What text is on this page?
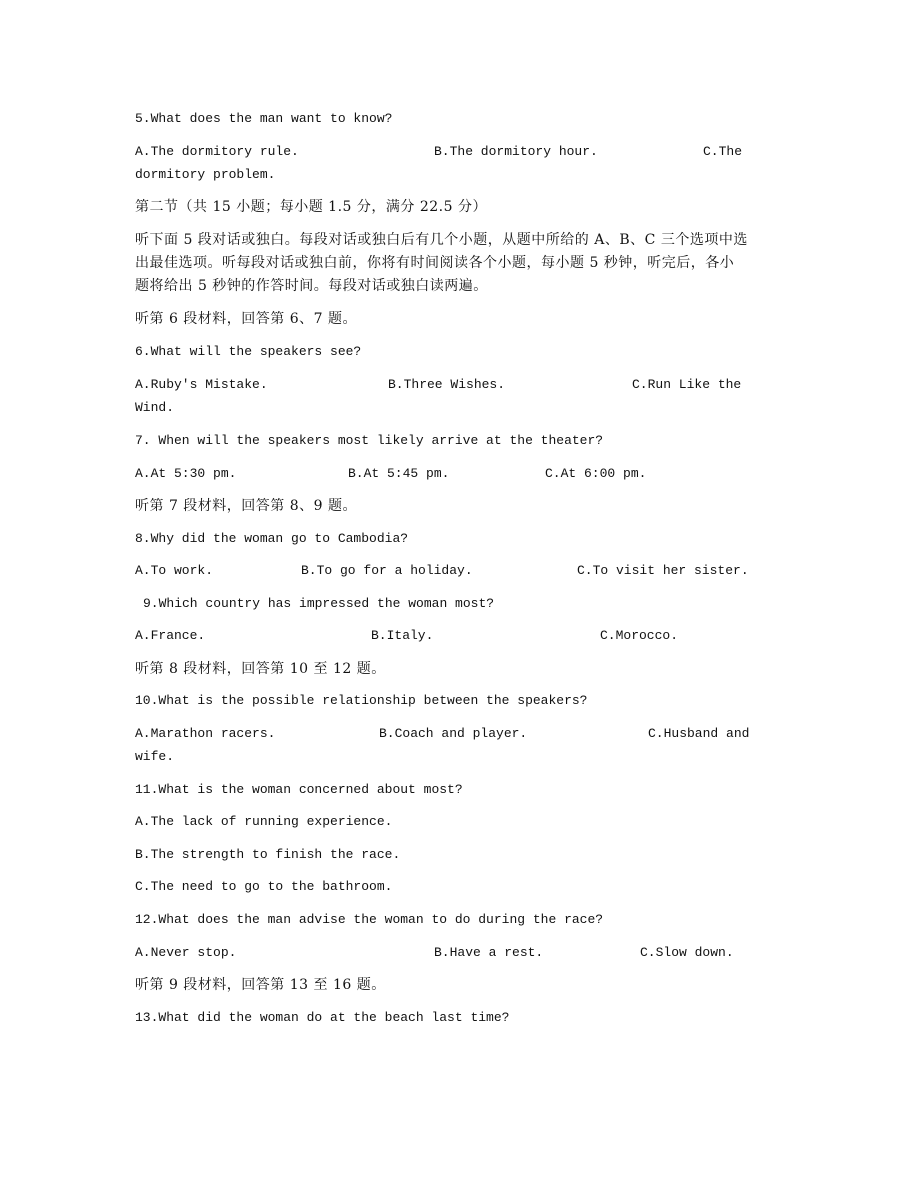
5.What does the man want to know?
A.The dormitory rule.	B.The dormitory hour.	C.The
dormitory problem.
第二节（共 15 小题；每小题 1.5 分，满分 22.5 分）
听下面 5 段对话或独白。每段对话或独白后有几个小题，从题中所给的 A、B、C 三个选项中选
出最佳选项。听每段对话或独白前，你将有时间阅读各个小题，每小题 5 秒钟，听完后，各小
题将给出 5 秒钟的作答时间。每段对话或独白读两遍。
听第 6 段材料，回答第 6、7 题。
6.What will the speakers see?
A.Ruby's Mistake.	B.Three Wishes.	C.Run Like the
Wind.
7. When will the speakers most likely arrive at the theater?
A.At 5:30 pm.	B.At 5:45 pm.	C.At 6:00 pm.
听第 7 段材料，回答第 8、9 题。
8.Why did the woman go to Cambodia?
A.To work.	B.To go for a holiday.	C.To visit her sister.
9.Which country has impressed the woman most?
A.France.	B.Italy.	C.Morocco.
听第 8 段材料，回答第 10 至 12 题。
10.What is the possible relationship between the speakers?
A.Marathon racers.	B.Coach and player.	C.Husband and
wife.
11.What is the woman concerned about most?
A.The lack of running experience.
B.The strength to finish the race.
C.The need to go to the bathroom.
12.What does the man advise the woman to do during the race?
A.Never stop.	B.Have a rest.	C.Slow down.
听第 9 段材料，回答第 13 至 16 题。
13.What did the woman do at the beach last time?
